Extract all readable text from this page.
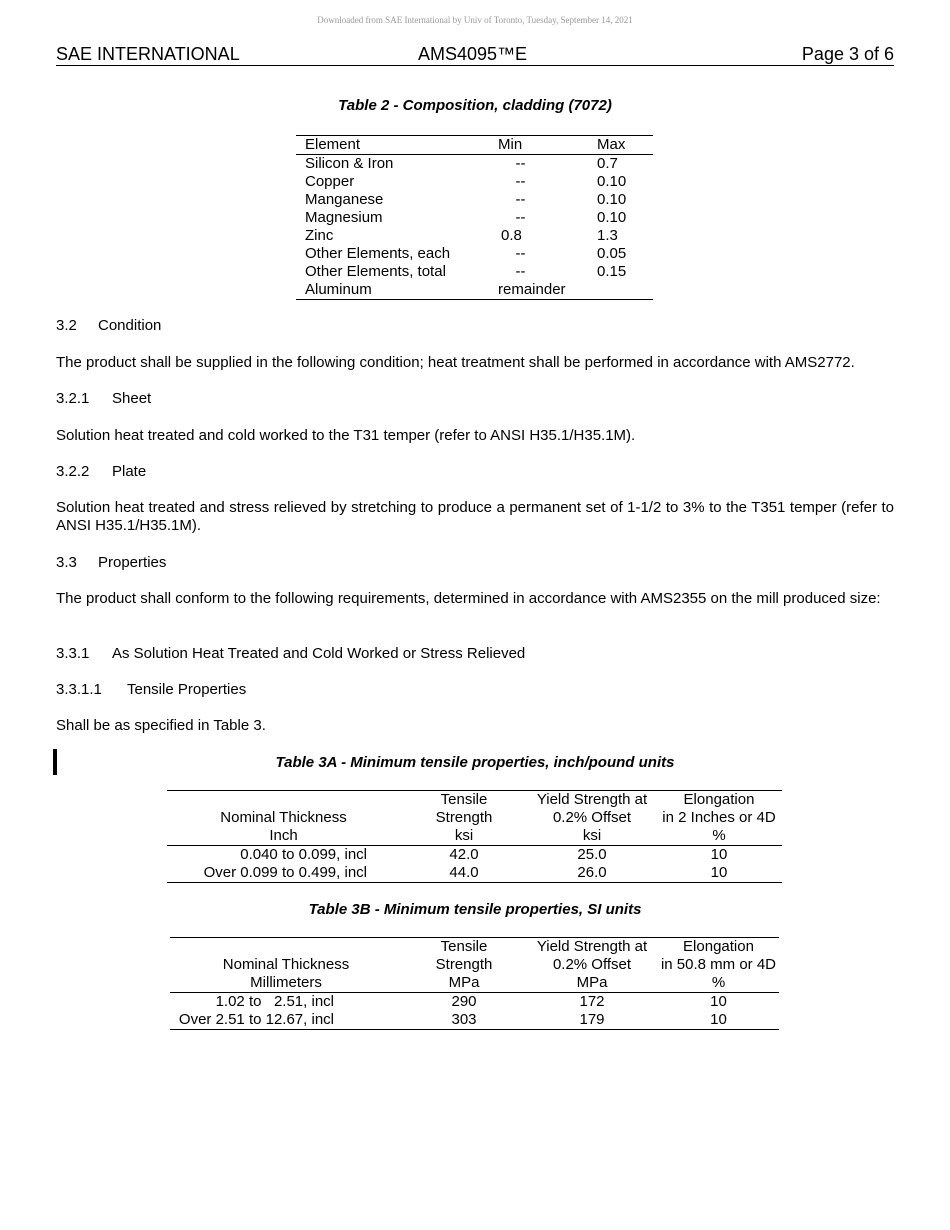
Downloaded from SAE International by Univ of Toronto, Tuesday, September 14, 2021
SAE INTERNATIONAL	AMS4095™E	Page 3 of 6
Table 2 - Composition, cladding (7072)
Element	Min	Max
Silicon & Iron	--	0.7
Copper	--	0.10
Manganese	--	0.10
Magnesium	--	0.10
Zinc	0.8	1.3
Other Elements, each	--	0.05
Other Elements, total	--	0.15
Aluminum	remainder	
3.2 Condition
The product shall be supplied in the following condition; heat treatment shall be performed in accordance with AMS2772.
3.2.1 Sheet
Solution heat treated and cold worked to the T31 temper (refer to ANSI H35.1/H35.1M).
3.2.2 Plate
Solution heat treated and stress relieved by stretching to produce a permanent set of 1-1/2 to 3% to the T351 temper (refer to ANSI H35.1/H35.1M).
3.3 Properties
The product shall conform to the following requirements, determined in accordance with AMS2355 on the mill produced size:
3.3.1 As Solution Heat Treated and Cold Worked or Stress Relieved
3.3.1.1 Tensile Properties
Shall be as specified in Table 3.
Table 3A - Minimum tensile properties, inch/pound units
	Tensile	Yield Strength at	Elongation
Nominal Thickness	Strength	0.2% Offset	in 2 Inches or 4D
Inch	ksi	ksi	%
0.040 to 0.099, incl	42.0	25.0	10
Over 0.099 to 0.499, incl	44.0	26.0	10
Table 3B - Minimum tensile properties, SI units
	Tensile	Yield Strength at	Elongation
Nominal Thickness	Strength	0.2% Offset	in 50.8 mm or 4D
Millimeters	MPa	MPa	%
1.02 to   2.51, incl	290	172	10
Over 2.51 to 12.67, incl	303	179	10
